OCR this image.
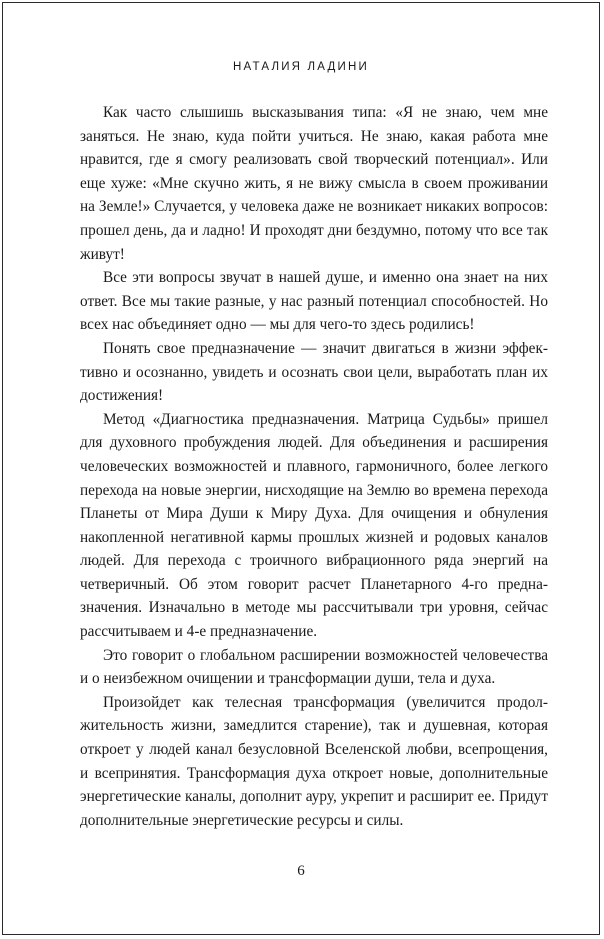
НАТАЛИЯ ЛАДИНИ

Как часто слышишь высказывания типа: «Я не знаю, чем мне заняться. Не знаю, куда пойти учиться. Не знаю, какая работа мне нравится, где я смогу реализовать свой творческий потенциал». Или еще хуже: «Мне скучно жить, я не вижу смысла в своем проживании на Земле!» Случается, у человека даже не возникает никаких вопросов: прошел день, да и ладно! И проходят дни бездумно, потому что все так живут!

Все эти вопросы звучат в нашей душе, и именно она знает на них ответ. Все мы такие разные, у нас разный потенциал способностей. Но всех нас объединяет одно — мы для чего-то здесь родились!

Понять свое предназначение — значит двигаться в жизни эффективно и осознанно, увидеть и осознать свои цели, выработать план их достижения!

Метод «Диагностика предназначения. Матрица Судьбы» пришел для духовного пробуждения людей. Для объединения и расширения человеческих возможностей и плавного, гармоничного, более легкого перехода на новые энергии, нисходящие на Землю во времена перехода Планеты от Мира Души к Миру Духа. Для очищения и обнуления накопленной негативной кармы прошлых жизней и родовых каналов людей. Для перехода с троичного вибрационного ряда энергий на четверичный. Об этом говорит расчет Планетарного 4-го предназначения. Изначально в методе мы рассчитывали три уровня, сейчас рассчитываем и 4-е предназначение.

Это говорит о глобальном расширении возможностей человечества и о неизбежном очищении и трансформации души, тела и духа.

Произойдет как телесная трансформация (увеличится продолжительность жизни, замедлится старение), так и душевная, которая откроет у людей канал безусловной Вселенской любви, всепрощения, и всепринятия. Трансформация духа откроет новые, дополнительные энергетические каналы, дополнит ауру, укрепит и расширит ее. Придут дополнительные энергетические ресурсы и силы.

6
